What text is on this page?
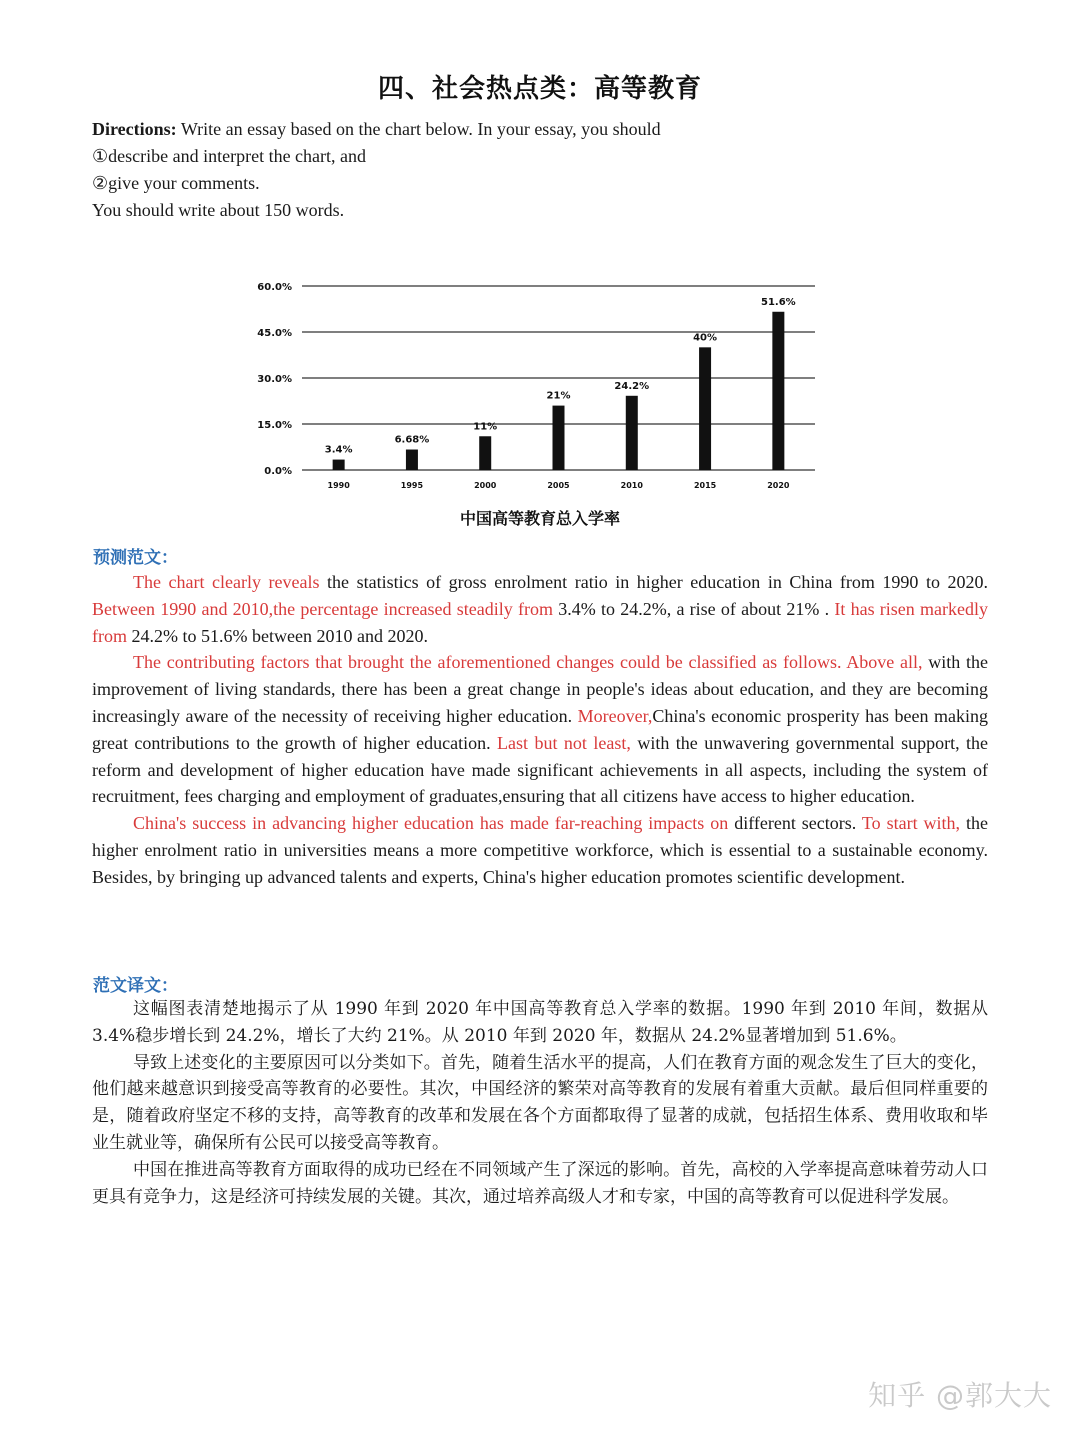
四、社会热点类：高等教育
Directions: Write an essay based on the chart below. In your essay, you should
①describe and interpret the chart, and
②give your comments.
You should write about 150 words.
0.0%
15.0%
30.0%
45.0%
60.0%
3.4%
1990
6.68%
1995
11%
2000
21%
2005
24.2%
2010
40%
2015
51.6%
2020
中国高等教育总入学率
预测范文：

The chart clearly reveals the statistics of gross enrolment ratio in higher education in China from 1990 to 2020. Between 1990 and 2010,the percentage increased steadily from 3.4% to 24.2%, a rise of about 21% . It has risen markedly from 24.2% to 51.6% between 2010 and 2020.

The contributing factors that brought the aforementioned changes could be classified as follows. Above all, with the improvement of living standards, there has been a great change in people's ideas about education, and they are becoming increasingly aware of the necessity of receiving higher education. Moreover,China's economic prosperity has been making great contributions to the growth of higher education. Last but not least, with the unwavering governmental support, the reform and development of higher education have made significant achievements in all aspects, including the system of recruitment, fees charging and employment of graduates,ensuring that all citizens have access to higher education.

China's success in advancing higher education has made far-reaching impacts on different sectors. To start with, the higher enrolment ratio in universities means a more competitive workforce, which is essential to a sustainable economy. Besides, by bringing up advanced talents and experts, China's higher education promotes scientific development.

范文译文：

这幅图表清楚地揭示了从 1990 年到 2020 年中国高等教育总入学率的数据。1990 年到 2010 年间，数据从 3.4%稳步增长到 24.2%，增长了大约 21%。从 2010 年到 2020 年，数据从 24.2%显著增加到 51.6%。

导致上述变化的主要原因可以分类如下。首先，随着生活水平的提高，人们在教育方面的观念发生了巨大的变化，他们越来越意识到接受高等教育的必要性。其次，中国经济的繁荣对高等教育的发展有着重大贡献。最后但同样重要的是，随着政府坚定不移的支持，高等教育的改革和发展在各个方面都取得了显著的成就，包括招生体系、费用收取和毕业生就业等，确保所有公民可以接受高等教育。

中国在推进高等教育方面取得的成功已经在不同领域产生了深远的影响。首先，高校的入学率提高意味着劳动人口更具有竞争力，这是经济可持续发展的关键。其次，通过培养高级人才和专家，中国的高等教育可以促进科学发展。

知乎 @郭大大
